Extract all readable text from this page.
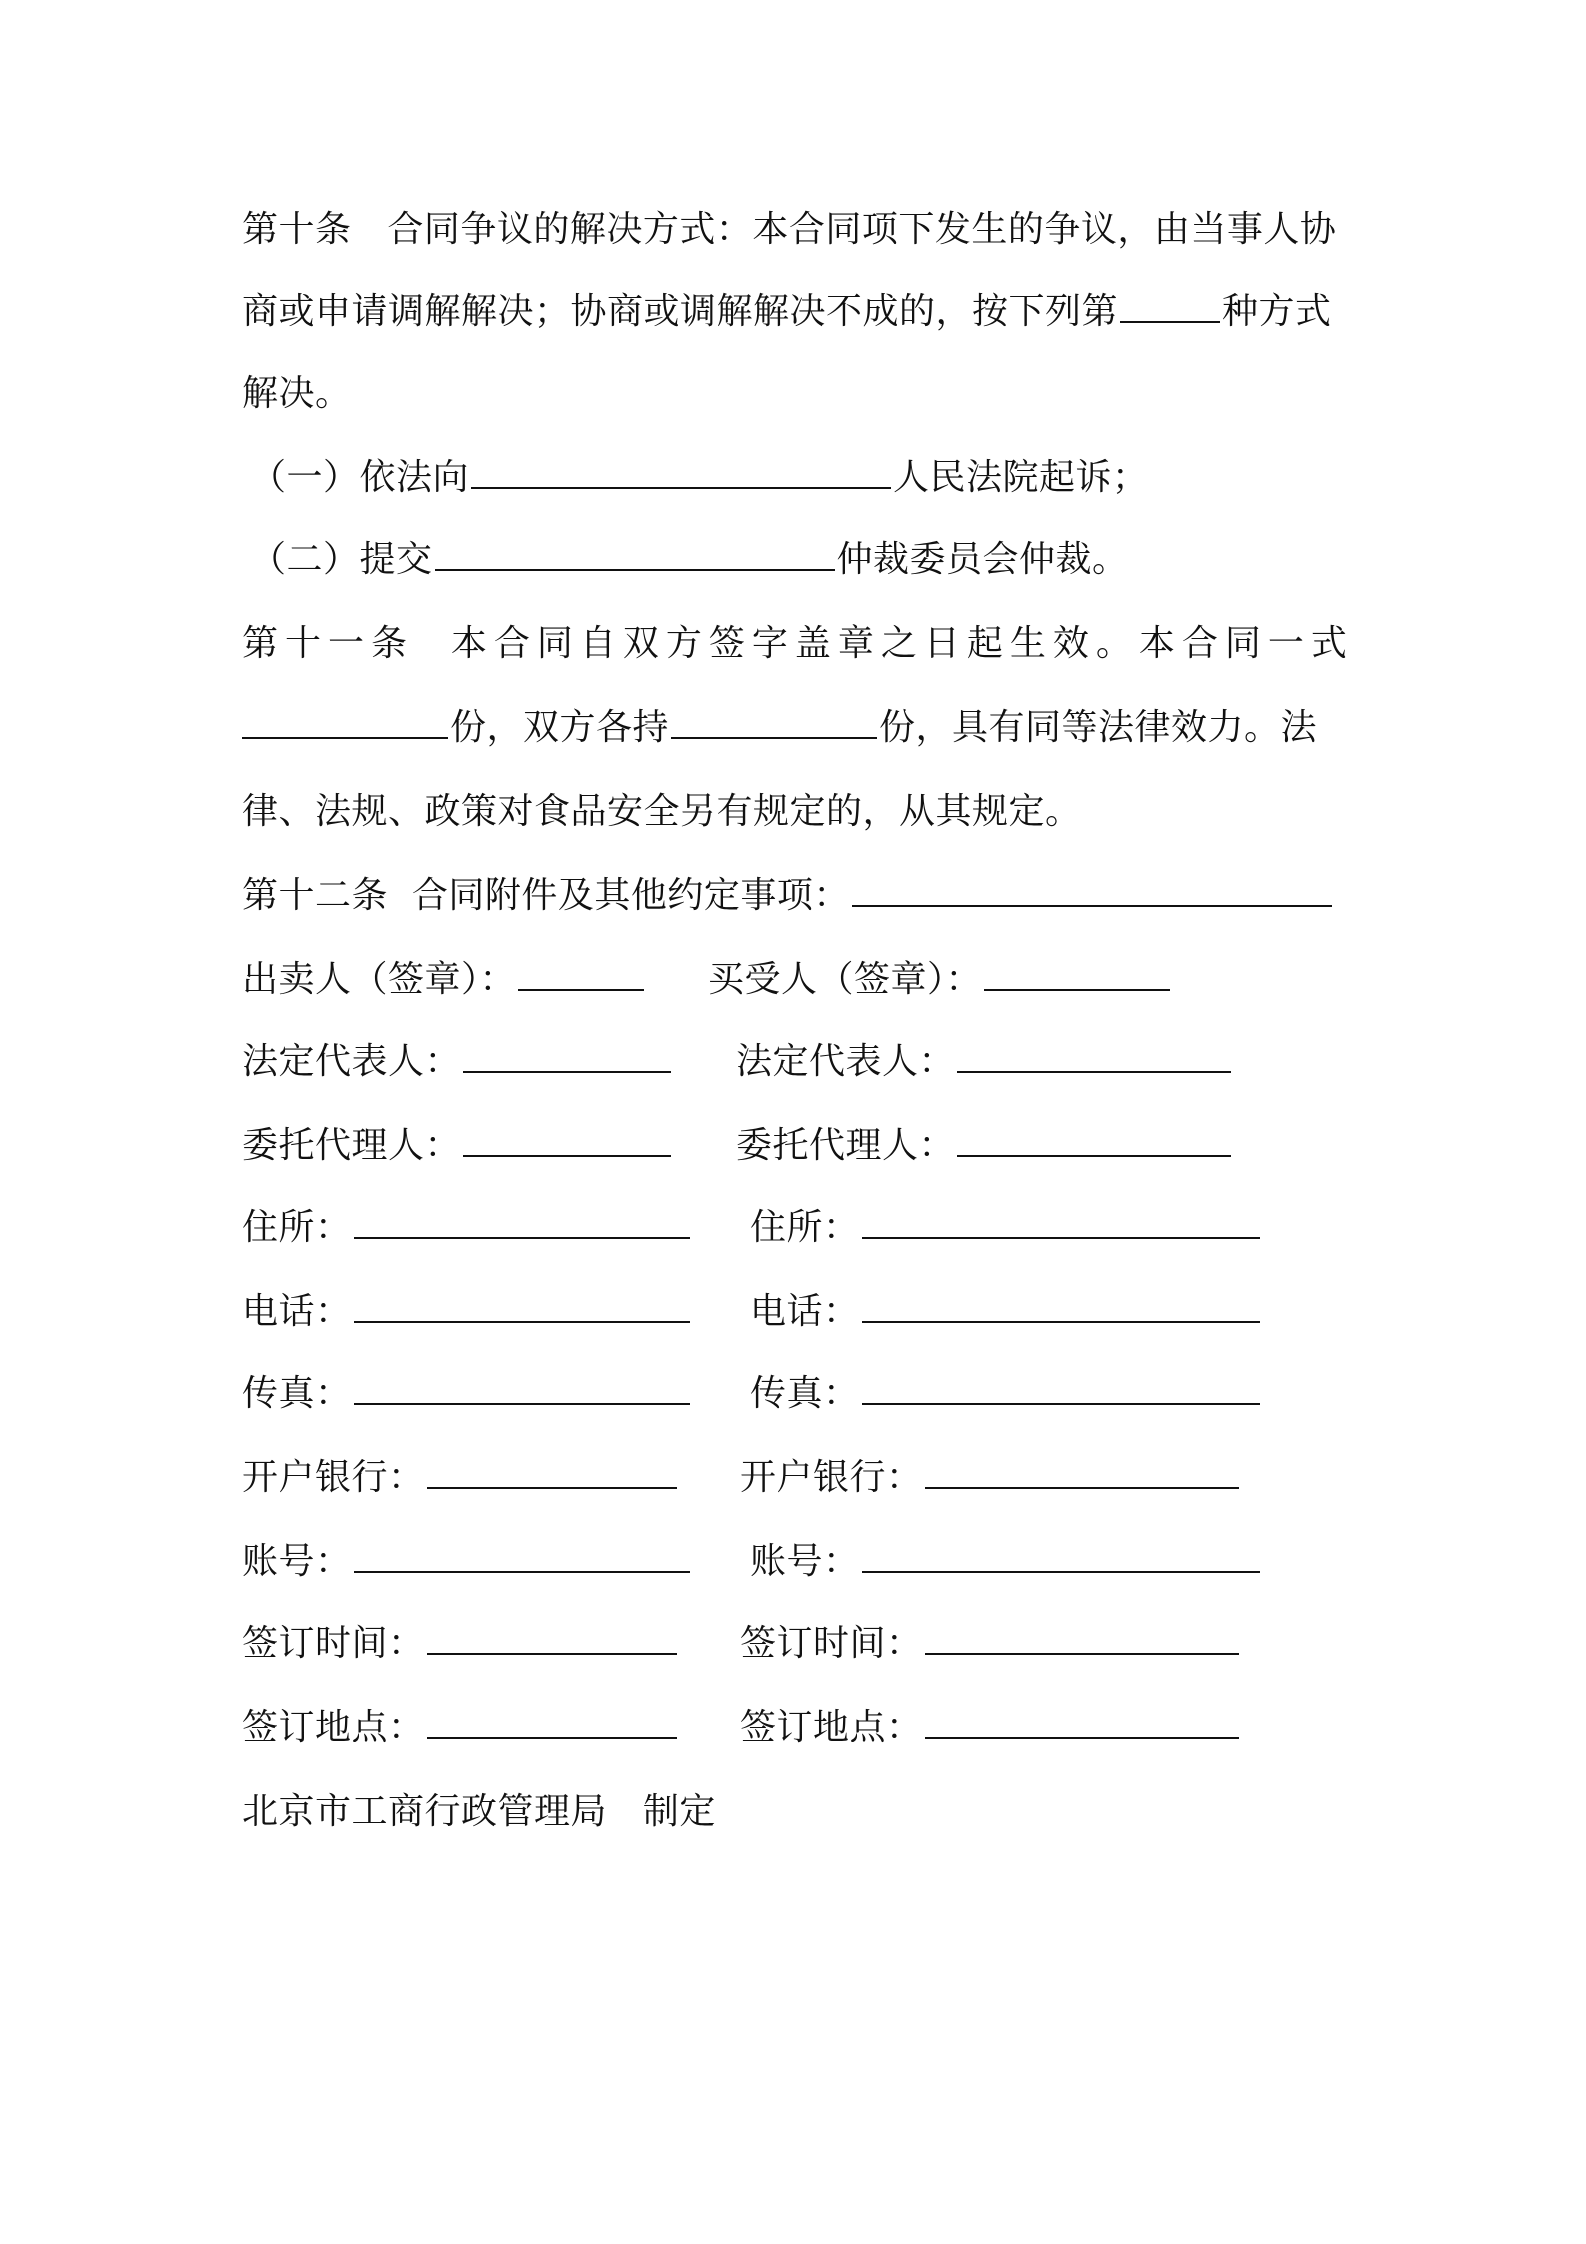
第十条 合同争议的解决方式：本合同项下发生的争议，由当事人协
商或申请调解解决；协商或调解解决不成的，按下列第	种方式
解决。
（一）依法向	人民法院起诉；
（二）提交	仲裁委员会仲裁。
第十一条 本合同自双方签字盖章之日起生效。本合同一式
份，双方各持	份，具有同等法律效力。法
律、法规、政策对食品安全另有规定的，从其规定。
第十二条 合同附件及其他约定事项：
出卖人（签章）：	买受人（签章）：
法定代表人：	法定代表人：
委托代理人：	委托代理人：
住所：	住所：
电话：	电话：
传真：	传真：
开户银行：	开户银行：
账号：	账号：
签订时间：	签订时间：
签订地点：	签订地点：
北京市工商行政管理局 制定
